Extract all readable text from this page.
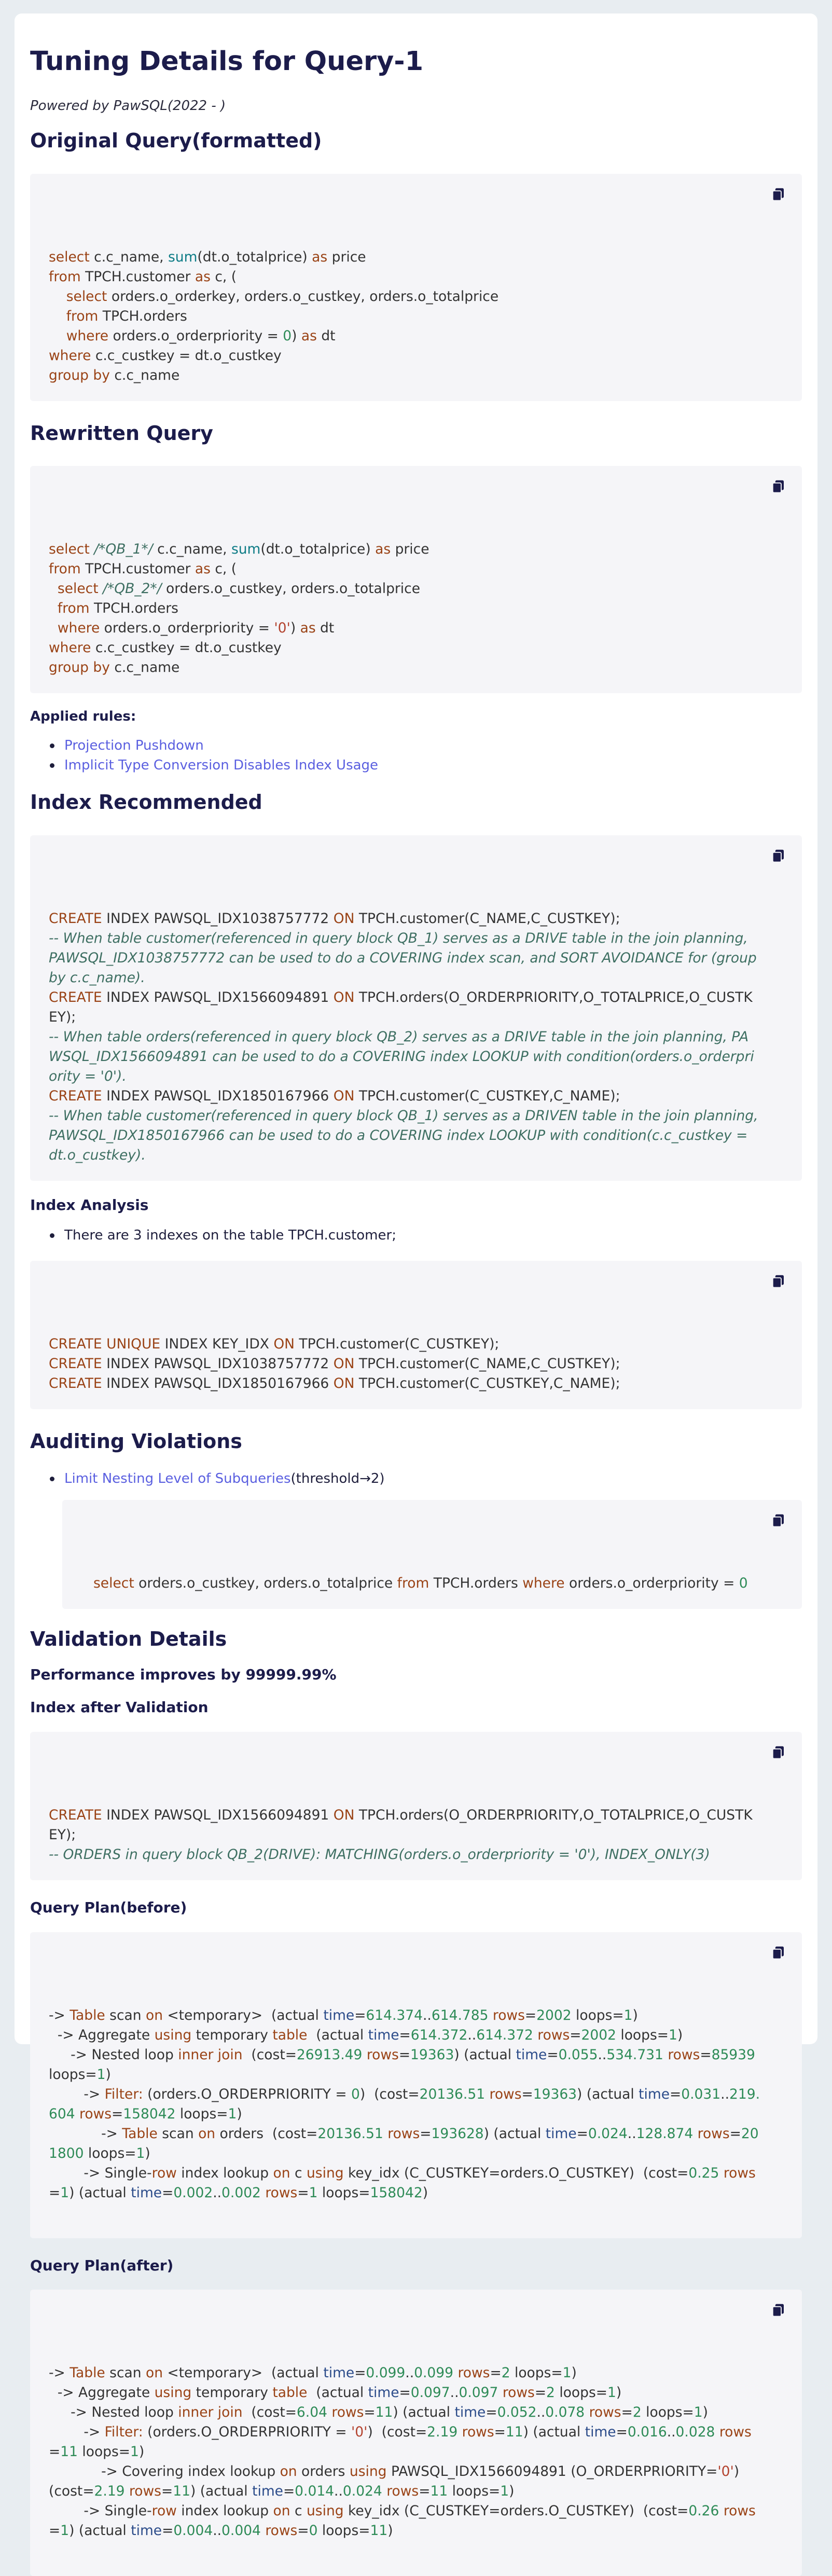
Tuning Details for Query-1
Powered by PawSQL(2022 - )
Original Query(formatted)

select c.c_name, sum(dt.o_totalprice) as price
from TPCH.customer as c, (
select orders.o_orderkey, orders.o_custkey, orders.o_totalprice
from TPCH.orders
where orders.o_orderpriority = 0) as dt
where c.c_custkey = dt.o_custkey
group by c.c_name
Rewritten Query

select /*QB_1*/ c.c_name, sum(dt.o_totalprice) as price
from TPCH.customer as c, (
select /*QB_2*/ orders.o_custkey, orders.o_totalprice
from TPCH.orders
where orders.o_orderpriority = '0') as dt
where c.c_custkey = dt.o_custkey
group by c.c_name
Applied rules:
Projection Pushdown
Implicit Type Conversion Disables Index Usage
Index Recommended

CREATE INDEX PAWSQL_IDX1038757772 ON TPCH.customer(C_NAME,C_CUSTKEY);
-- When table customer(referenced in query block QB_1) serves as a DRIVE table in the join planning, PAWSQL_IDX1038757772 can be used to do a COVERING index scan, and SORT AVOIDANCE for (group by c.c_name).
CREATE INDEX PAWSQL_IDX1566094891 ON TPCH.orders(O_ORDERPRIORITY,O_TOTALPRICE,O_CUSTKEY);
-- When table orders(referenced in query block QB_2) serves as a DRIVE table in the join planning, PAWSQL_IDX1566094891 can be used to do a COVERING index LOOKUP with condition(orders.o_orderpriority = '0').
CREATE INDEX PAWSQL_IDX1850167966 ON TPCH.customer(C_CUSTKEY,C_NAME);
-- When table customer(referenced in query block QB_1) serves as a DRIVEN table in the join planning, PAWSQL_IDX1850167966 can be used to do a COVERING index LOOKUP with condition(c.c_custkey = dt.o_custkey).
Index Analysis
There are 3 indexes on the table TPCH.customer;

CREATE UNIQUE INDEX KEY_IDX ON TPCH.customer(C_CUSTKEY);
CREATE INDEX PAWSQL_IDX1038757772 ON TPCH.customer(C_NAME,C_CUSTKEY);
CREATE INDEX PAWSQL_IDX1850167966 ON TPCH.customer(C_CUSTKEY,C_NAME);
Auditing Violations
Limit Nesting Level of Subqueries(threshold→2)

select orders.o_custkey, orders.o_totalprice from TPCH.orders where orders.o_orderpriority = 0
Validation Details
Performance improves by 99999.99%
Index after Validation

CREATE INDEX PAWSQL_IDX1566094891 ON TPCH.orders(O_ORDERPRIORITY,O_TOTALPRICE,O_CUSTKEY);
-- ORDERS in query block QB_2(DRIVE): MATCHING(orders.o_orderpriority = '0'), INDEX_ONLY(3)
Query Plan(before)

-> Table scan on <temporary>  (actual time=614.374..614.785 rows=2002 loops=1)
-> Aggregate using temporary table  (actual time=614.372..614.372 rows=2002 loops=1)
-> Nested loop inner join  (cost=26913.49 rows=19363) (actual time=0.055..534.731 rows=85939 loops=1)
-> Filter: (orders.O_ORDERPRIORITY = 0)  (cost=20136.51 rows=19363) (actual time=0.031..219.604 rows=158042 loops=1)
-> Table scan on orders  (cost=20136.51 rows=193628) (actual time=0.024..128.874 rows=201800 loops=1)
-> Single-row index lookup on c using key_idx (C_CUSTKEY=orders.O_CUSTKEY)  (cost=0.25 rows=1) (actual time=0.002..0.002 rows=1 loops=158042)
Query Plan(after)

-> Table scan on <temporary>  (actual time=0.099..0.099 rows=2 loops=1)
-> Aggregate using temporary table  (actual time=0.097..0.097 rows=2 loops=1)
-> Nested loop inner join  (cost=6.04 rows=11) (actual time=0.052..0.078 rows=2 loops=1)
-> Filter: (orders.O_ORDERPRIORITY = '0')  (cost=2.19 rows=11) (actual time=0.016..0.028 rows=11 loops=1)
-> Covering index lookup on orders using PAWSQL_IDX1566094891 (O_ORDERPRIORITY='0')  (cost=2.19 rows=11) (actual time=0.014..0.024 rows=11 loops=1)
-> Single-row index lookup on c using key_idx (C_CUSTKEY=orders.O_CUSTKEY)  (cost=0.26 rows=1) (actual time=0.004..0.004 rows=0 loops=11)
